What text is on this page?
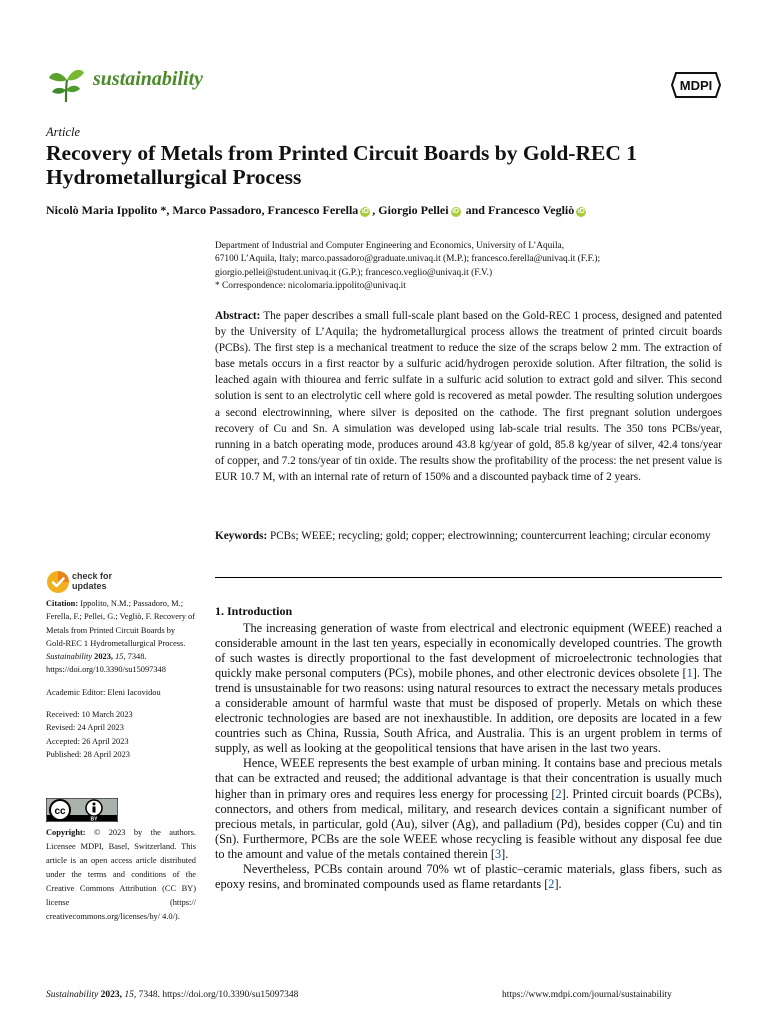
sustainability	MDPI
Article
Recovery of Metals from Printed Circuit Boards by Gold-REC 1 Hydrometallurgical Process
Nicolò Maria Ippolito *, Marco Passadoro, Francesco Ferella iD , Giorgio Pellei iD and Francesco Vegliò iD
Department of Industrial and Computer Engineering and Economics, University of L’Aquila,
67100 L’Aquila, Italy; marco.passadoro@graduate.univaq.it (M.P.); francesco.ferella@univaq.it (F.F.);
giorgio.pellei@student.univaq.it (G.P.); francesco.veglio@univaq.it (F.V.)
* Correspondence: nicolomaria.ippolito@univaq.it
Abstract: The paper describes a small full-scale plant based on the Gold-REC 1 process, designed and patented by the University of L’Aquila; the hydrometallurgical process allows the treatment of printed circuit boards (PCBs). The first step is a mechanical treatment to reduce the size of the scraps below 2 mm. The extraction of base metals occurs in a first reactor by a sulfuric acid/hydrogen peroxide solution. After filtration, the solid is leached again with thiourea and ferric sulfate in a sulfuric acid solution to extract gold and silver. This second solution is sent to an electrolytic cell where gold is recovered as metal powder. The resulting solution undergoes a second electrowinning, where silver is deposited on the cathode. The first pregnant solution undergoes recovery of Cu and Sn. A simulation was developed using lab-scale trial results. The 350 tons PCBs/year, running in a batch operating mode, produces around 43.8 kg/year of gold, 85.8 kg/year of silver, 42.4 tons/year of copper, and 7.2 tons/year of tin oxide. The results show the profitability of the process: the net present value is EUR 10.7 M, with an internal rate of return of 150% and a discounted payback time of 2 years.
Keywords: PCBs; WEEE; recycling; gold; copper; electrowinning; countercurrent leaching; circular economy
check for
updates
Citation: Ippolito, N.M.; Passadoro, M.; Ferella, F.; Pellei, G.; Vegliò, F. Recovery of Metals from Printed Circuit Boards by Gold-REC 1 Hydrometallurgical Process. Sustainability 2023, 15, 7348. https://doi.org/10.3390/su15097348
Academic Editor: Eleni Iacovidou
Received: 10 March 2023
Revised: 24 April 2023
Accepted: 26 April 2023
Published: 28 April 2023
cc
BY
Copyright: © 2023 by the authors. Licensee MDPI, Basel, Switzerland. This article is an open access article distributed under the terms and conditions of the Creative Commons Attribution (CC BY) license (https:// creativecommons.org/licenses/by/ 4.0/).
1. Introduction

The increasing generation of waste from electrical and electronic equipment (WEEE) reached a considerable amount in the last ten years, especially in economically developed countries. The growth of such wastes is directly proportional to the fast development of microelectronic technologies that quickly make personal computers (PCs), mobile phones, and other electronic devices obsolete [1]. The trend is unsustainable for two reasons: using natural resources to extract the necessary metals produces a considerable amount of harmful waste that must be disposed of properly. Metals on which these electronic technologies are based are not inexhaustible. In addition, ore deposits are located in a few countries such as China, Russia, South Africa, and Australia. This is an urgent problem in terms of supply, as well as looking at the geopolitical tensions that have arisen in the last two years.

Hence, WEEE represents the best example of urban mining. It contains base and precious metals that can be extracted and reused; the additional advantage is that their concentration is usually much higher than in primary ores and requires less energy for processing [2]. Printed circuit boards (PCBs), connectors, and others from medical, military, and research devices contain a significant number of precious metals, in particular, gold (Au), silver (Ag), and palladium (Pd), besides copper (Cu) and tin (Sn). Furthermore, PCBs are the sole WEEE whose recycling is feasible without any disposal fee due to the amount and value of the metals contained therein [3].

Nevertheless, PCBs contain around 70% wt of plastic–ceramic materials, glass fibers, such as epoxy resins, and brominated compounds used as flame retardants [2].

Sustainability 2023, 15, 7348. https://doi.org/10.3390/su15097348	https://www.mdpi.com/journal/sustainability
